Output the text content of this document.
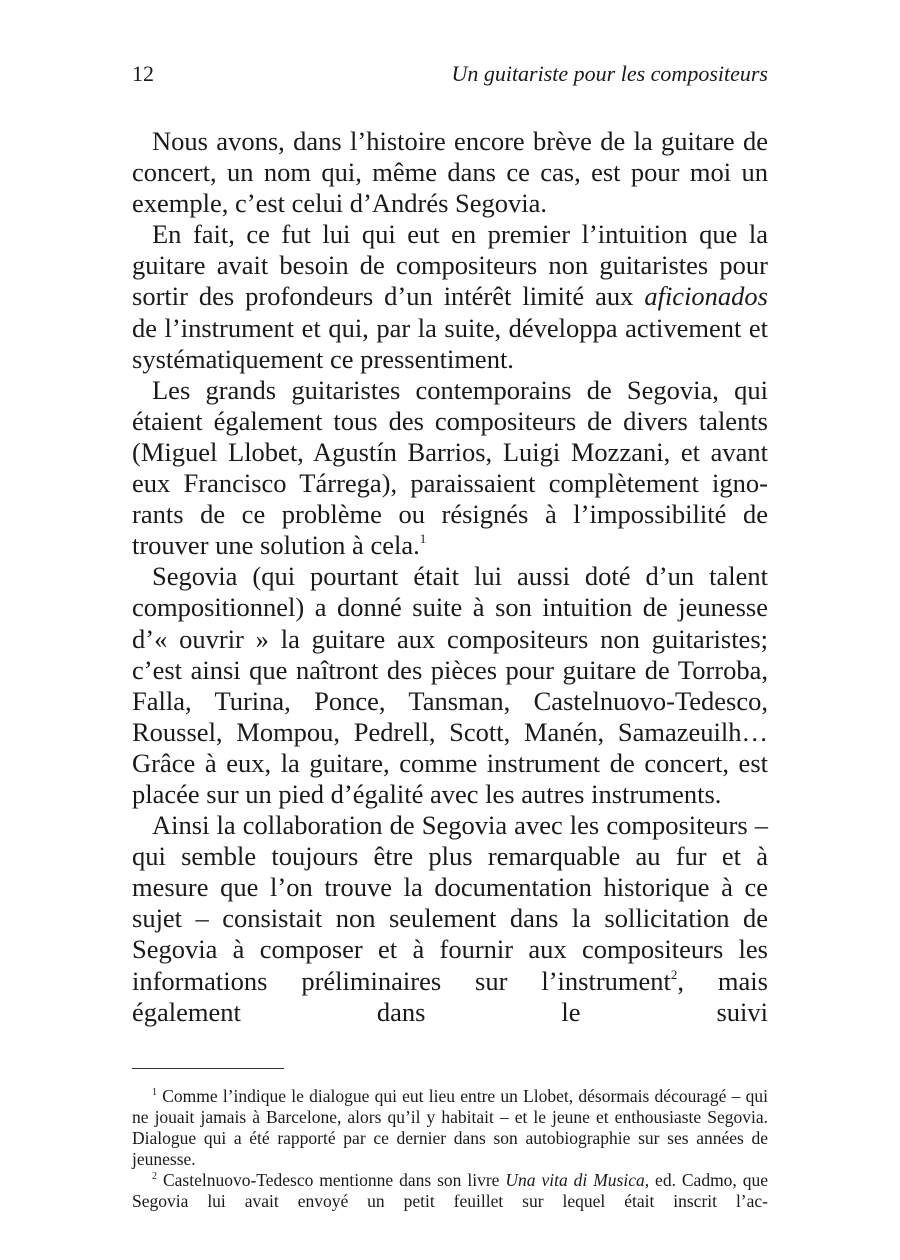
12	Un guitariste pour les compositeurs

Nous avons, dans l’histoire encore brève de la guitare de concert, un nom qui, même dans ce cas, est pour moi un exemple, c’est celui d’Andrés Segovia.

En fait, ce fut lui qui eut en premier l’intuition que la guitare avait besoin de compositeurs non guitaristes pour sortir des profondeurs d’un intérêt limité aux aficionados de l’instrument et qui, par la suite, développa activement et systématiquement ce pressentiment.

Les grands guitaristes contemporains de Segovia, qui étaient également tous des compositeurs de divers talents (Miguel Llobet, Agustín Barrios, Luigi Mozzani, et avant eux Francisco Tárrega), paraissaient complètement ignorants de ce problème ou résignés à l’impossibilité de trouver une solution à cela.$^1$

Segovia (qui pourtant était lui aussi doté d’un talent compositionnel) a donné suite à son intuition de jeunesse d’« ouvrir » la guitare aux compositeurs non guitaristes; c’est ainsi que naîtront des pièces pour guitare de Torroba, Falla, Turina, Ponce, Tansman, Castelnuovo-Tedesco, Roussel, Mompou, Pedrell, Scott, Manén, Samazeuilh… Grâce à eux, la guitare, comme instrument de concert, est placée sur un pied d’égalité avec les autres instruments.

Ainsi la collaboration de Segovia avec les compositeurs – qui semble toujours être plus remarquable au fur et à mesure que l’on trouve la documentation historique à ce sujet – consistait non seulement dans la sollicitation de Segovia à composer et à fournir aux compositeurs les informations préliminaires sur l’instrument$^2$, mais également dans le suivi

$^1$ Comme l’indique le dialogue qui eut lieu entre un Llobet, désormais découragé – qui ne jouait jamais à Barcelone, alors qu’il y habitait – et le jeune et enthousiaste Segovia. Dialogue qui a été rapporté par ce dernier dans son autobiographie sur ses années de jeunesse.

$^2$ Castelnuovo-Tedesco mentionne dans son livre Una vita di Musica, ed. Cadmo, que Segovia lui avait envoyé un petit feuillet sur lequel était inscrit l’ac-
